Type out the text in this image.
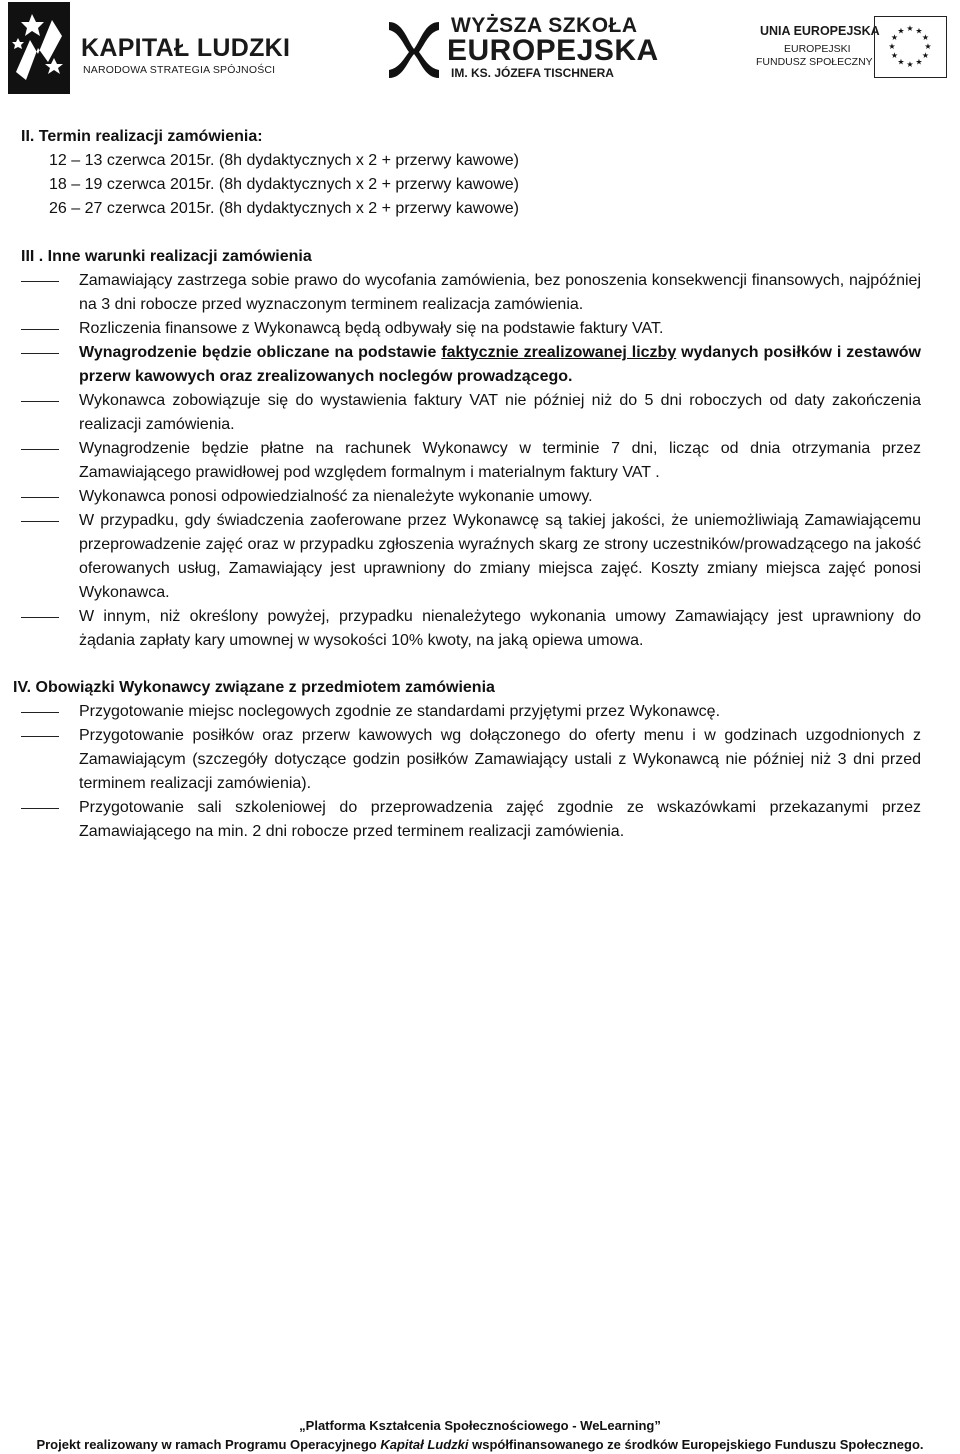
KAPITAŁ LUDZKI
NARODOWA STRATEGIA SPÓJNOŚCI
WYŻSZA SZKOŁA
EUROPEJSKA
IM. KS. JÓZEFA TISCHNERA
UNIA EUROPEJSKA
EUROPEJSKI
FUNDUSZ SPOŁECZNY
★ ★
★
★
★
★
★
★
★
★
★
★
II. Termin realizacji zamówienia:
12 – 13 czerwca 2015r. (8h dydaktycznych x 2 + przerwy kawowe)
18 – 19 czerwca 2015r. (8h dydaktycznych x 2 + przerwy kawowe)
26 – 27 czerwca 2015r. (8h dydaktycznych x 2 + przerwy kawowe)
III . Inne warunki realizacji zamówienia
Zamawiający zastrzega sobie prawo do wycofania zamówienia, bez ponoszenia konsekwencji finansowych, najpóźniej na 3 dni robocze przed wyznaczonym terminem realizacja zamówienia.
Rozliczenia finansowe z Wykonawcą będą odbywały się na podstawie faktury VAT.
Wynagrodzenie będzie obliczane na podstawie faktycznie zrealizowanej liczby wydanych posiłków i zestawów przerw kawowych oraz zrealizowanych noclegów prowadzącego.
Wykonawca zobowiązuje się do wystawienia faktury VAT nie później niż do 5 dni roboczych od daty zakończenia realizacji zamówienia.
Wynagrodzenie będzie płatne na rachunek Wykonawcy w terminie 7 dni, licząc od dnia otrzymania przez Zamawiającego prawidłowej pod względem formalnym i materialnym faktury VAT .
Wykonawca ponosi odpowiedzialność za nienależyte wykonanie umowy.
W przypadku, gdy świadczenia zaoferowane przez Wykonawcę są takiej jakości, że uniemożliwiają Zamawiającemu przeprowadzenie zajęć oraz w przypadku zgłoszenia wyraźnych skarg ze strony uczestników/prowadzącego na jakość oferowanych usług, Zamawiający jest uprawniony do zmiany miejsca zajęć. Koszty zmiany miejsca zajęć ponosi Wykonawca.
W innym, niż określony powyżej, przypadku nienależytego wykonania umowy Zamawiający jest uprawniony do żądania zapłaty kary umownej w wysokości 10% kwoty, na jaką opiewa umowa.
IV. Obowiązki Wykonawcy związane z przedmiotem zamówienia
Przygotowanie miejsc noclegowych zgodnie ze standardami przyjętymi przez Wykonawcę.
Przygotowanie posiłków oraz przerw kawowych wg dołączonego do oferty menu i w godzinach uzgodnionych z Zamawiającym (szczegóły dotyczące godzin posiłków Zamawiający ustali z Wykonawcą nie później niż 3 dni przed terminem realizacji zamówienia).
Przygotowanie sali szkoleniowej do przeprowadzenia zajęć zgodnie ze wskazówkami przekazanymi przez Zamawiającego na min. 2 dni robocze przed terminem realizacji zamówienia.
„Platforma Kształcenia Społecznościowego - WeLearning”
Projekt realizowany w ramach Programu Operacyjnego Kapitał Ludzki współfinansowanego ze środków Europejskiego Funduszu Społecznego.
